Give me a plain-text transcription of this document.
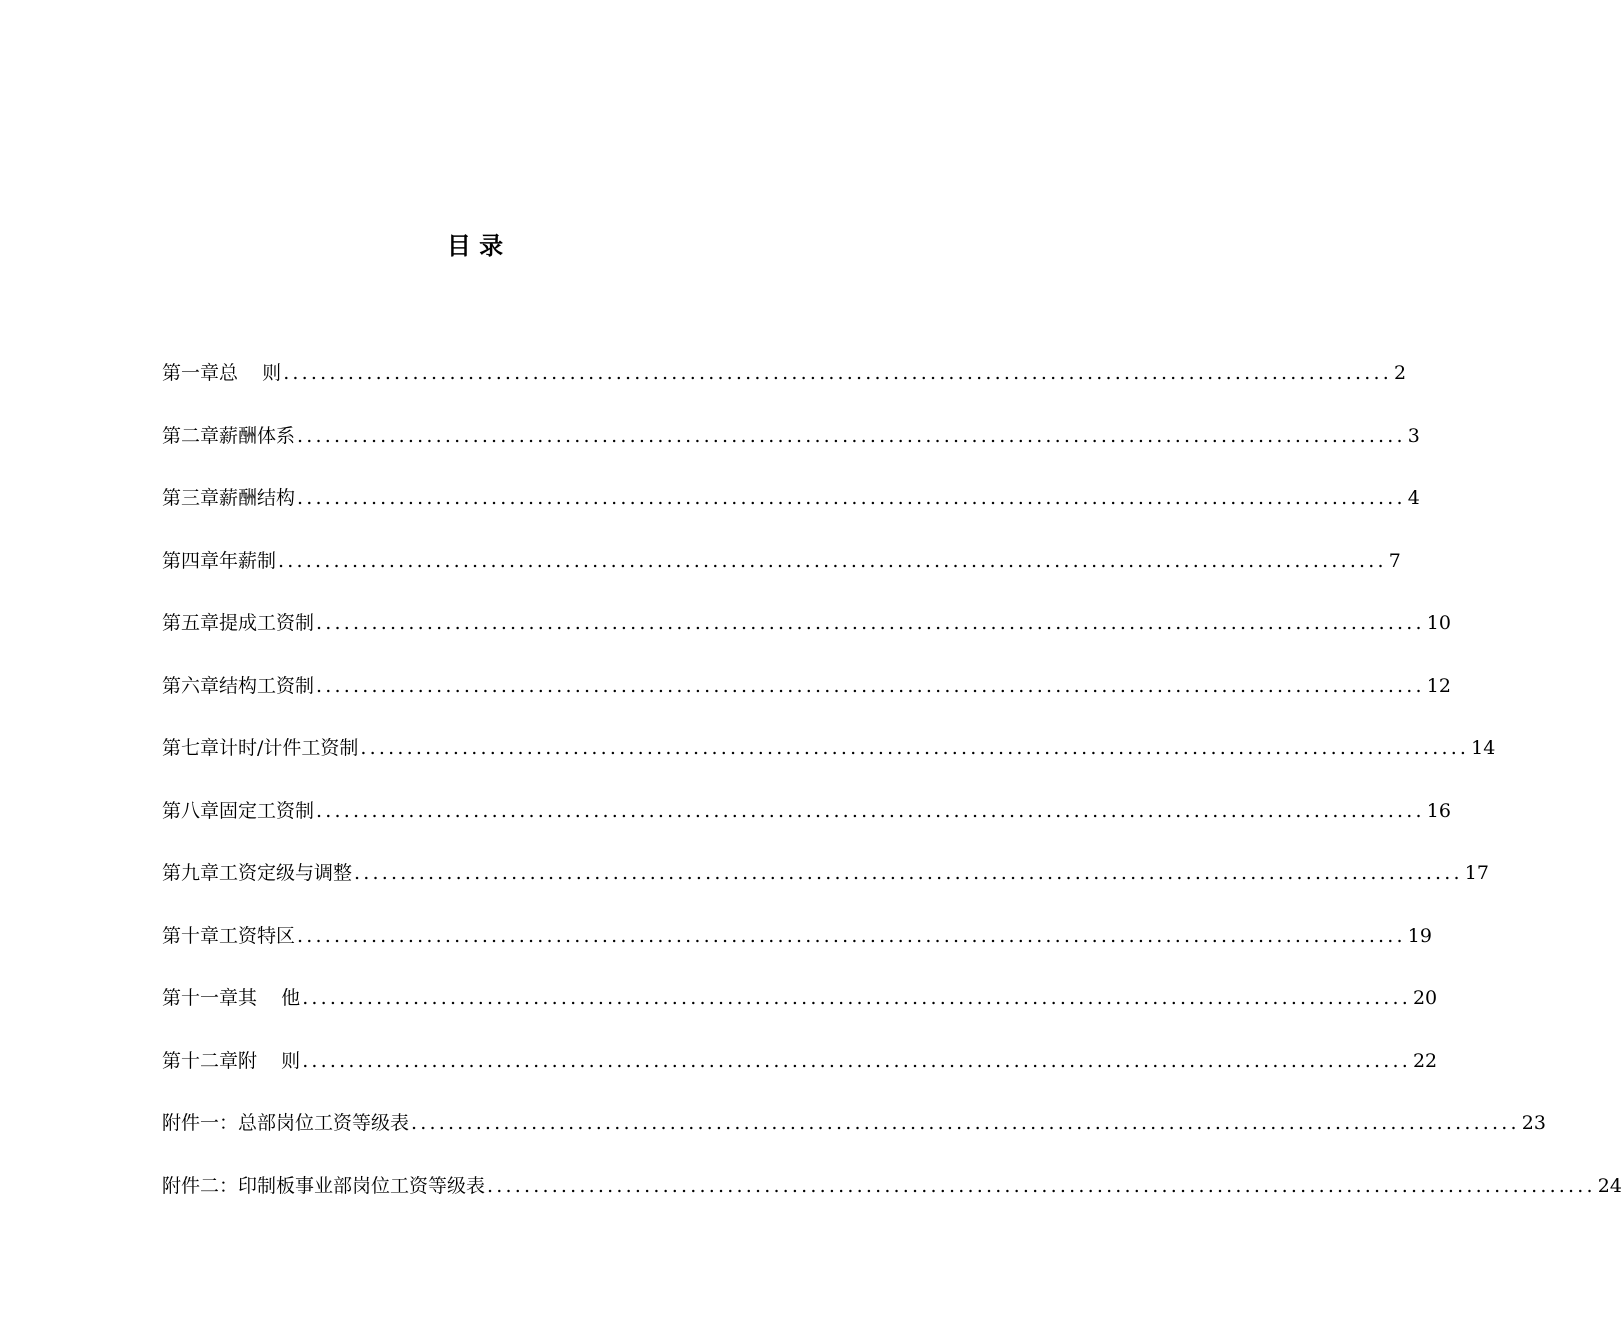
目 录
第一章 总    则 ........................................................................................................................ 2
第二章 薪酬体系 ........................................................................................................................ 3
第三章 薪酬结构 ........................................................................................................................ 4
第四章 年薪制 ........................................................................................................................ 7
第五章 提成工资制 ........................................................................................................................ 10
第六章 结构工资制 ........................................................................................................................ 12
第七章 计时/计件工资制 ........................................................................................................................ 14
第八章 固定工资制 ........................................................................................................................ 16
第九章 工资定级与调整 ........................................................................................................................ 17
第十章 工资特区 ........................................................................................................................ 19
第十一章 其    他 ........................................................................................................................ 20
第十二章 附    则 ........................................................................................................................ 22
附件一：总部岗位工资等级表 ........................................................................................................................ 23
附件二：印制板事业部岗位工资等级表 ........................................................................................................................ 24
